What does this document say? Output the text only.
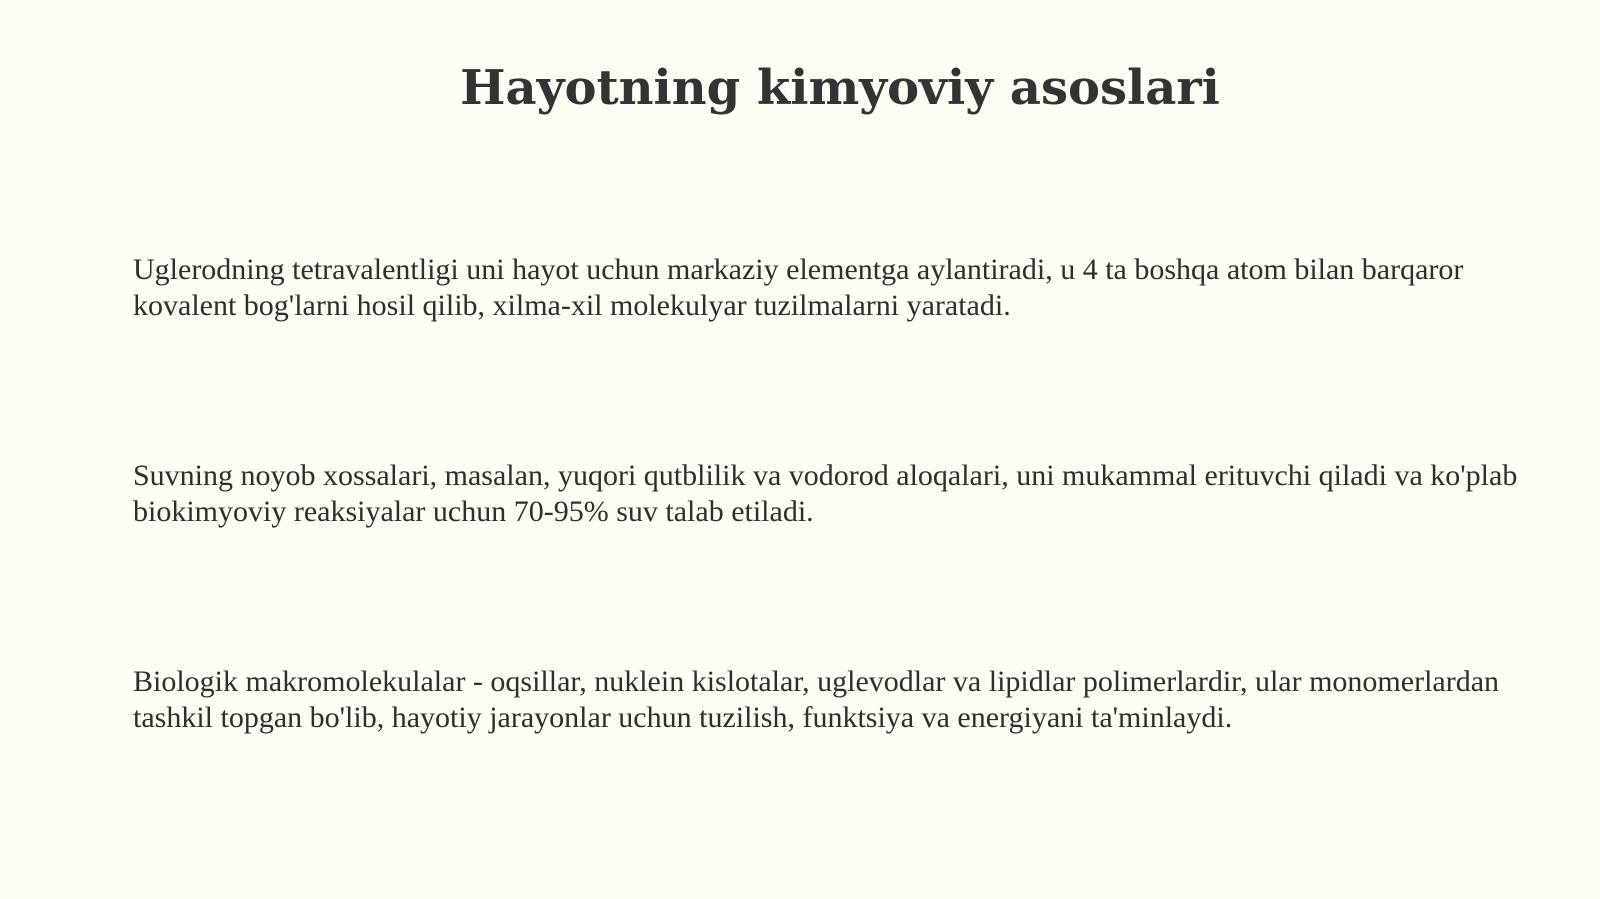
Hayotning kimyoviy asoslari

Uglerodning tetravalentligi uni hayot uchun markaziy elementga aylantiradi, u 4 ta boshqa atom bilan barqaror kovalent bog'larni hosil qilib, xilma-xil molekulyar tuzilmalarni yaratadi.

Suvning noyob xossalari, masalan, yuqori qutblilik va vodorod aloqalari, uni mukammal erituvchi qiladi va ko'plab biokimyoviy reaksiyalar uchun 70-95% suv talab etiladi.

Biologik makromolekulalar - oqsillar, nuklein kislotalar, uglevodlar va lipidlar polimerlardir, ular monomerlardan tashkil topgan bo'lib, hayotiy jarayonlar uchun tuzilish, funktsiya va energiyani ta'minlaydi.
